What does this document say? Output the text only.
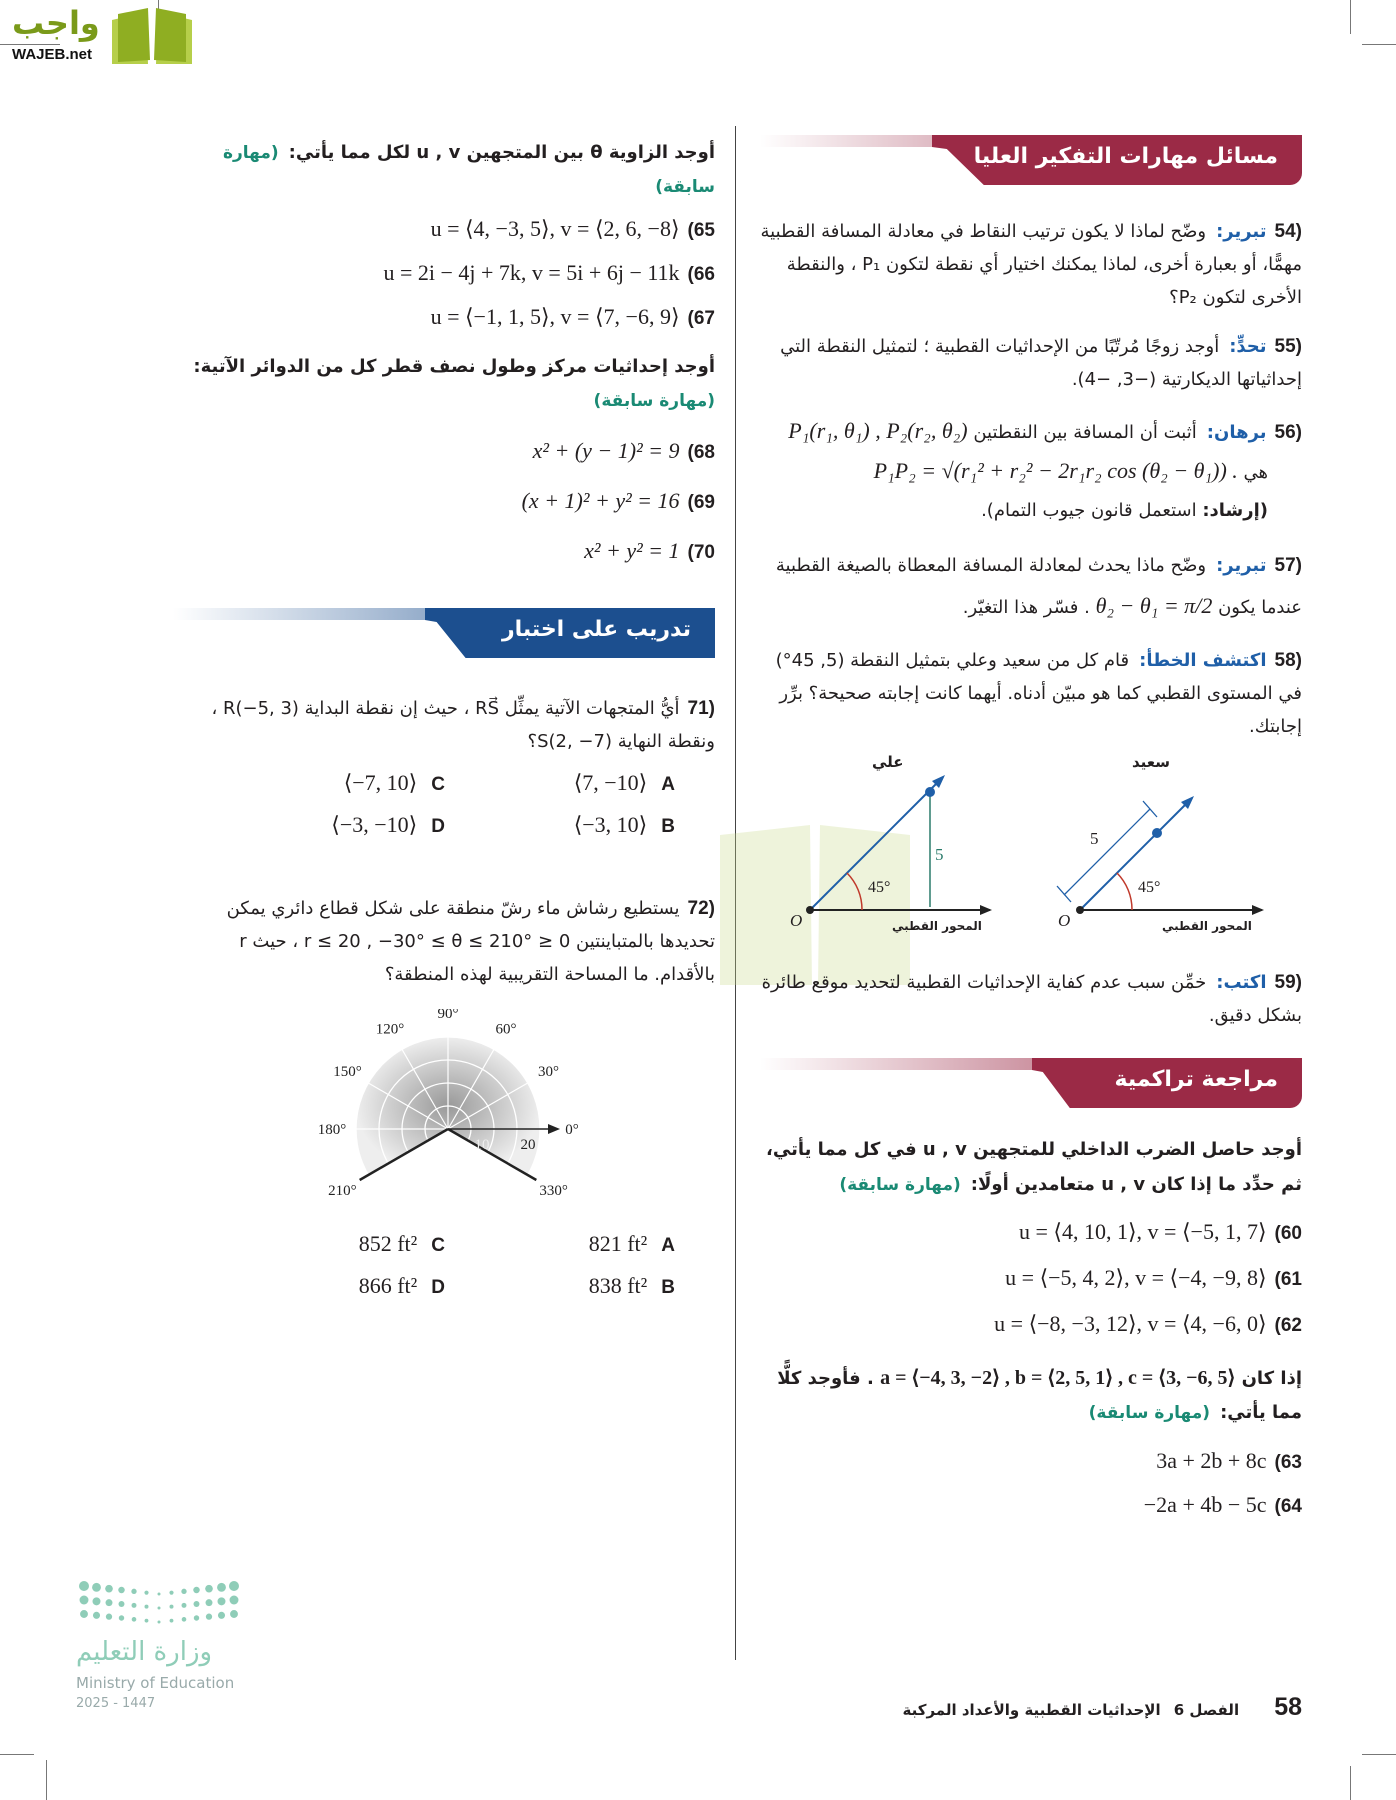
واجب
WAJEB.net
مسائل مهارات التفكير العليا
54)تبرير:وضّح لماذا لا يكون ترتيب النقاط في معادلة المسافة القطبية مهمًّا، أو بعبارة أخرى، لماذا يمكنك اختيار أي نقطة لتكون P₁ ، والنقطة الأخرى لتكون P₂؟
55)تحدٍّ:أوجد زوجًا مُرتّبًا من الإحداثيات القطبية ؛ لتمثيل النقطة التي إحداثياتها الديكارتية (−3, −4).
56)برهان:أثبت أن المسافة بين النقطتين P₁(r₁, θ₁) , P₂(r₂, θ₂)
هي P₁P₂ = √(r₁² + r₂² − 2r₁r₂ cos (θ₂ − θ₁)) .
(إرشاد: استعمل قانون جيوب التمام).
57)تبرير:وضّح ماذا يحدث لمعادلة المسافة المعطاة بالصيغة القطبية عندما يكون θ₂ − θ₁ = π/2 . فسّر هذا التغيّر.
58)اكتشف الخطأ:قام كل من سعيد وعلي بتمثيل النقطة (5, 45°) في المستوى القطبي كما هو مبيّن أدناه. أيهما كانت إجابته صحيحة؟ برِّر إجابتك.
علي
5
45°
O	المحور القطبي
سعيد
5
45°
O	المحور القطبي
59)اكتب:خمِّن سبب عدم كفاية الإحداثيات القطبية لتحديد موقع طائرة بشكل دقيق.
مراجعة تراكمية
أوجد حاصل الضرب الداخلي للمتجهين u , v في كل مما يأتي، ثم حدِّد ما إذا كان u , v متعامدين أولًا:(مهارة سابقة)
(60u = ⟨4, 10, 1⟩, v = ⟨−5, 1, 7⟩
(61u = ⟨−5, 4, 2⟩, v = ⟨−4, −9, 8⟩
(62u = ⟨−8, −3, 12⟩, v = ⟨4, −6, 0⟩
إذا كان a = ⟨−4, 3, −2⟩ , b = ⟨2, 5, 1⟩ , c = ⟨3, −6, 5⟩ . فأوجد كلًّا مما يأتي:(مهارة سابقة)
(633a + 2b + 8c
(64−2a + 4b − 5c
أوجد الزاوية θ بين المتجهين u , v لكل مما يأتي:(مهارة سابقة)
(65u = ⟨4, −3, 5⟩, v = ⟨2, 6, −8⟩
(66u = 2i − 4j + 7k, v = 5i + 6j − 11k
(67u = ⟨−1, 1, 5⟩, v = ⟨7, −6, 9⟩
أوجد إحداثيات مركز وطول نصف قطر كل من الدوائر الآتية:
(مهارة سابقة)
(68x² + (y − 1)² = 9
(69(x + 1)² + y² = 16
(70x² + y² = 1
تدريب على اختبار
71)أيُّ المتجهات الآتية يمثِّل RS⃗ ، حيث إن نقطة البداية R(−5, 3) ، ونقطة النهاية S(2, −7)؟
⟨7, −10⟩ A
⟨−7, 10⟩ C
⟨−3, 10⟩ B
⟨−3, −10⟩ D
72)يستطيع رشاش ماء رشّ منطقة على شكل قطاع دائري يمكن تحديدها بالمتباينتين 0 ≤ r ≤ 20 , −30° ≤ θ ≤ 210° ، حيث r بالأقدام. ما المساحة التقريبية لهذه المنطقة؟
0°
30°
60°
90°
120°
150°
180°
210°	330°
10 20
821 ft² A
852 ft² C
838 ft² B
866 ft² D
وزارة التعليم
Ministry of Education
2025 - 1447	58 الفصل 6 الإحداثيات القطبية والأعداد المركبة
